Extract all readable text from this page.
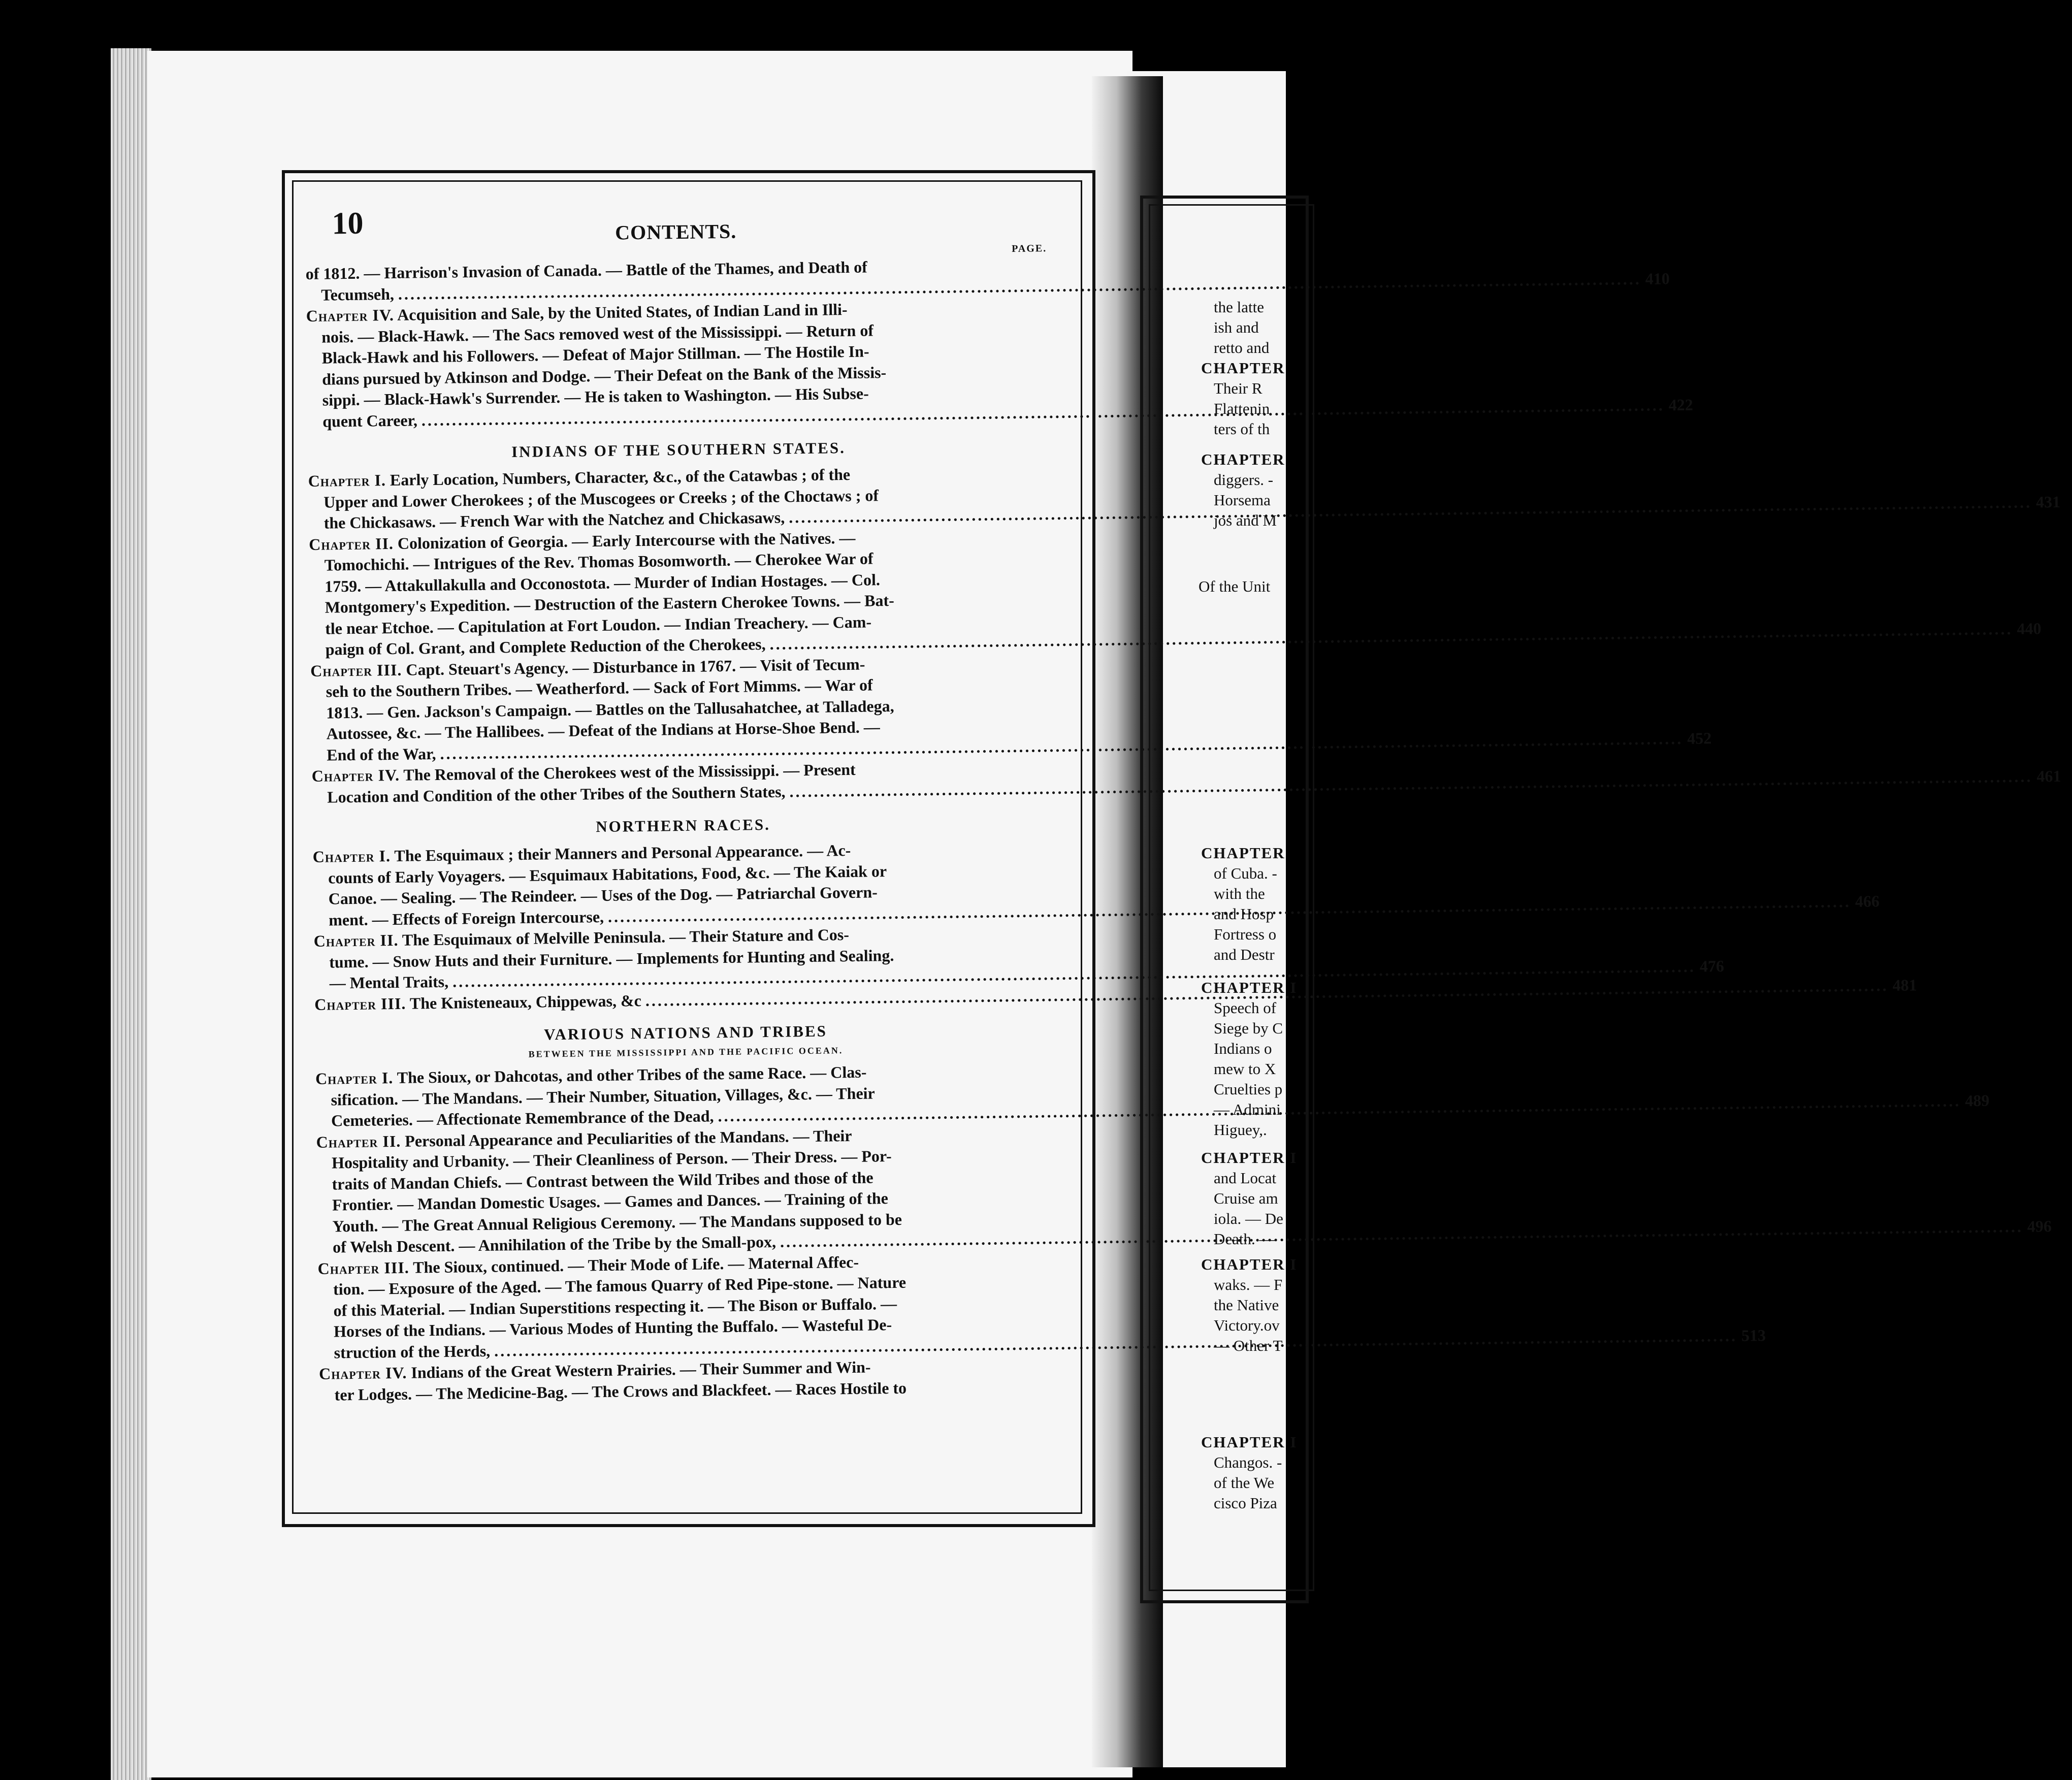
the latte
ish and
retto and
CHAPTER
Their R
Flattenin
ters of th
CHAPTER
diggers. -
Horsema
jos and M
Of the Unit
CHAPTER
of Cuba. -
with the
and Hosp
Fortress o
and Destr
CHAPTER I
Speech of
Siege by C
Indians o
mew to X
Cruelties p
— Admini
Higuey,.
CHAPTER I
and Locat
Cruise am
iola. — De
Death. —
CHAPTER I
waks. — F
the Native
Victory.ov
— Other T
CHAPTER I
Changos. -
of the We
cisco Piza
10	CONTENTS.
PAGE.

of 1812. — Harrison's Invasion of Canada. — Battle of the Thames, and Death of
Tecumseh,
.....
410

Chapter IV. Acquisition and Sale, by the United States, of Indian Land in Illi-
nois. — Black-Hawk. — The Sacs removed west of the Mississippi. — Return of
Black-Hawk and his Followers. — Defeat of Major Stillman. — The Hostile In-
dians pursued by Atkinson and Dodge. — Their Defeat on the Bank of the Missis-
sippi. — Black-Hawk's Surrender. — He is taken to Washington. — His Subse-
quent Career,
.....
422

INDIANS OF THE SOUTHERN STATES.

Chapter I. Early Location, Numbers, Character, &c., of the Catawbas ; of the
Upper and Lower Cherokees ; of the Muscogees or Creeks ; of the Choctaws ; of
the Chickasaws. — French War with the Natchez and Chickasaws,
.....
431

Chapter II. Colonization of Georgia. — Early Intercourse with the Natives. —
Tomochichi. — Intrigues of the Rev. Thomas Bosomworth. — Cherokee War of
1759. — Attakullakulla and Occonostota. — Murder of Indian Hostages. — Col.
Montgomery's Expedition. — Destruction of the Eastern Cherokee Towns. — Bat-
tle near Etchoe. — Capitulation at Fort Loudon. — Indian Treachery. — Cam-
paign of Col. Grant, and Complete Reduction of the Cherokees,
.....
440

Chapter III. Capt. Steuart's Agency. — Disturbance in 1767. — Visit of Tecum-
seh to the Southern Tribes. — Weatherford. — Sack of Fort Mimms. — War of
1813. — Gen. Jackson's Campaign. — Battles on the Tallusahatchee, at Talladega,
Autossee, &c. — The Hallibees. — Defeat of the Indians at Horse-Shoe Bend. —
End of the War,
.....
452

Chapter IV. The Removal of the Cherokees west of the Mississippi. — Present
Location and Condition of the other Tribes of the Southern States,
.....
461

NORTHERN RACES.

Chapter I. The Esquimaux ; their Manners and Personal Appearance. — Ac-
counts of Early Voyagers. — Esquimaux Habitations, Food, &c. — The Kaiak or
Canoe. — Sealing. — The Reindeer. — Uses of the Dog. — Patriarchal Govern-
ment. — Effects of Foreign Intercourse,
.....
466

Chapter II. The Esquimaux of Melville Peninsula. — Their Stature and Cos-
tume. — Snow Huts and their Furniture. — Implements for Hunting and Sealing.
— Mental Traits,
.....
476

Chapter III. The Knisteneaux, Chippewas, &c
.....
481

VARIOUS NATIONS AND TRIBES
BETWEEN THE MISSISSIPPI AND THE PACIFIC OCEAN.

Chapter I. The Sioux, or Dahcotas, and other Tribes of the same Race. — Clas-
sification. — The Mandans. — Their Number, Situation, Villages, &c. — Their
Cemeteries. — Affectionate Remembrance of the Dead,
.....
489

Chapter II. Personal Appearance and Peculiarities of the Mandans. — Their
Hospitality and Urbanity. — Their Cleanliness of Person. — Their Dress. — Por-
traits of Mandan Chiefs. — Contrast between the Wild Tribes and those of the
Frontier. — Mandan Domestic Usages. — Games and Dances. — Training of the
Youth. — The Great Annual Religious Ceremony. — The Mandans supposed to be
of Welsh Descent. — Annihilation of the Tribe by the Small-pox,
.....
496

Chapter III. The Sioux, continued. — Their Mode of Life. — Maternal Affec-
tion. — Exposure of the Aged. — The famous Quarry of Red Pipe-stone. — Nature
of this Material. — Indian Superstitions respecting it. — The Bison or Buffalo. —
Horses of the Indians. — Various Modes of Hunting the Buffalo. — Wasteful De-
struction of the Herds,
.....
513

Chapter IV. Indians of the Great Western Prairies. — Their Summer and Win-
ter Lodges. — The Medicine-Bag. — The Crows and Blackfeet. — Races Hostile to
